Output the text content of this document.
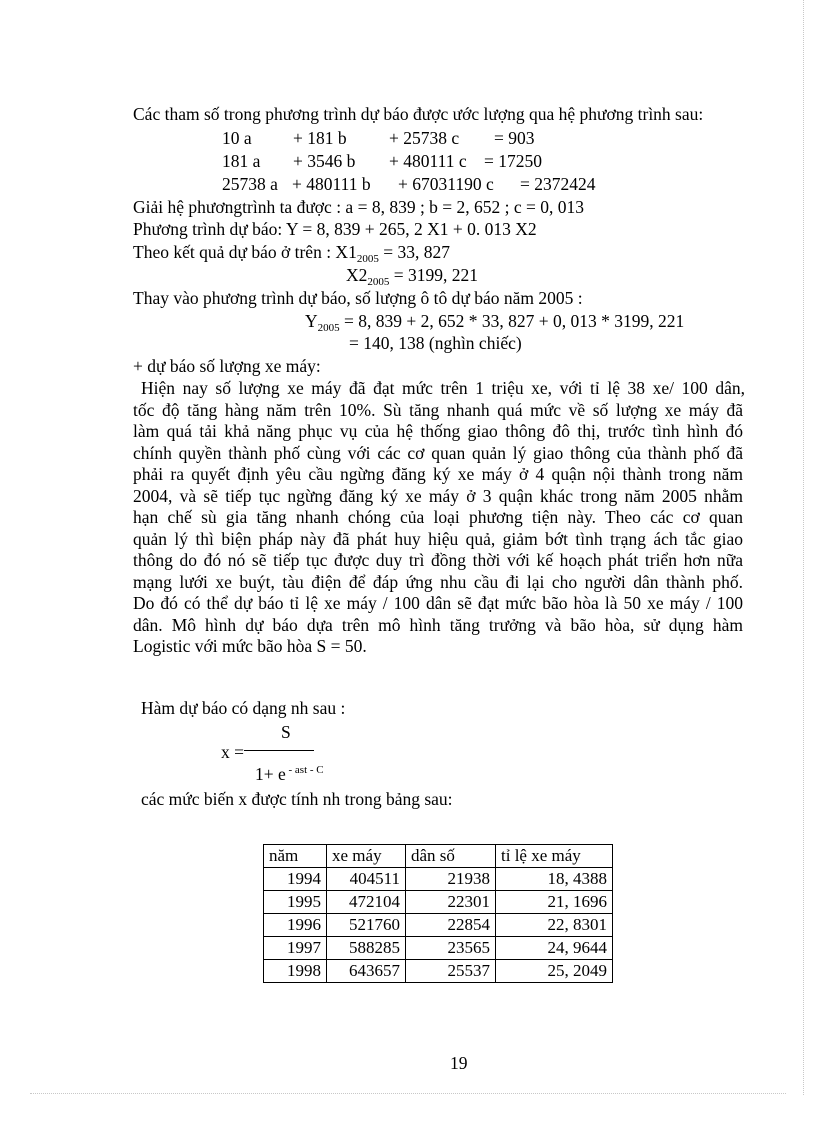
Các tham số trong phương trình dự báo được ước lượng qua hệ phương trình sau:
10 a + 181 b + 25738 c = 903
181 a + 3546 b + 480111 c = 17250
25738 a + 480111 b + 67031190 c = 2372424
Giải hệ phươngtrình ta được : a = 8, 839 ; b = 2, 652 ; c = 0, 013
Phương trình dự báo: Y = 8, 839 + 265, 2 X1 + 0. 013 X2
Theo kết quả dự báo ở trên : $X1_{2005} = 33$, 827
$X2_{2005} = 3199$, 221
Thay vào phương trình dự báo, số lượng ô tô dự báo năm 2005 :
$Y_{2005} = 8$, 839 + 2, 652 * 33, 827 + 0, 013 * 3199, 221
= 140, 138 (nghìn chiếc)
+ dự báo số lượng xe máy:
Hiện nay số lượng xe máy đã đạt mức trên 1 triệu xe, với tỉ lệ 38 xe/ 100 dân,
tốc độ tăng hàng năm trên 10%. Sù tăng nhanh quá mức về số lượng xe máy đã
làm quá tải khả năng phục vụ của hệ thống giao thông đô thị, trước tình hình đó
chính quyền thành phố cùng với các cơ quan quản lý giao thông của thành phố đã
phải ra quyết định yêu cầu ngừng đăng ký xe máy ở 4 quận nội thành trong năm
2004, và sẽ tiếp tục ngừng đăng ký xe máy ở 3 quận khác trong năm 2005 nhằm
hạn chế sù gia tăng nhanh chóng của loại phương tiện này. Theo các cơ quan
quản lý thì biện pháp này đã phát huy hiệu quả, giảm bớt tình trạng ách tắc giao
thông do đó nó sẽ tiếp tục được duy trì đồng thời với kế hoạch phát triển hơn nữa
mạng lưới xe buýt, tàu điện để đáp ứng nhu cầu đi lại cho người dân thành phố.
Do đó có thể dự báo tỉ lệ xe máy / 100 dân sẽ đạt mức bão hòa là 50 xe máy / 100
dân. Mô hình dự báo dựa trên mô hình tăng trưởng và bão hòa, sử dụng hàm
Logistic với mức bão hòa S = 50.
Hàm dự báo có dạng nh sau :
S
x =
1+ e $^{- ast - C}$
các mức biến x được tính nh trong bảng sau:
năm	xe máy	dân số	tỉ lệ xe máy
1994	404511	21938	18, 4388
1995	472104	22301	21, 1696
1996	521760	22854	22, 8301
1997	588285	23565	24, 9644
1998	643657	25537	25, 2049
19
